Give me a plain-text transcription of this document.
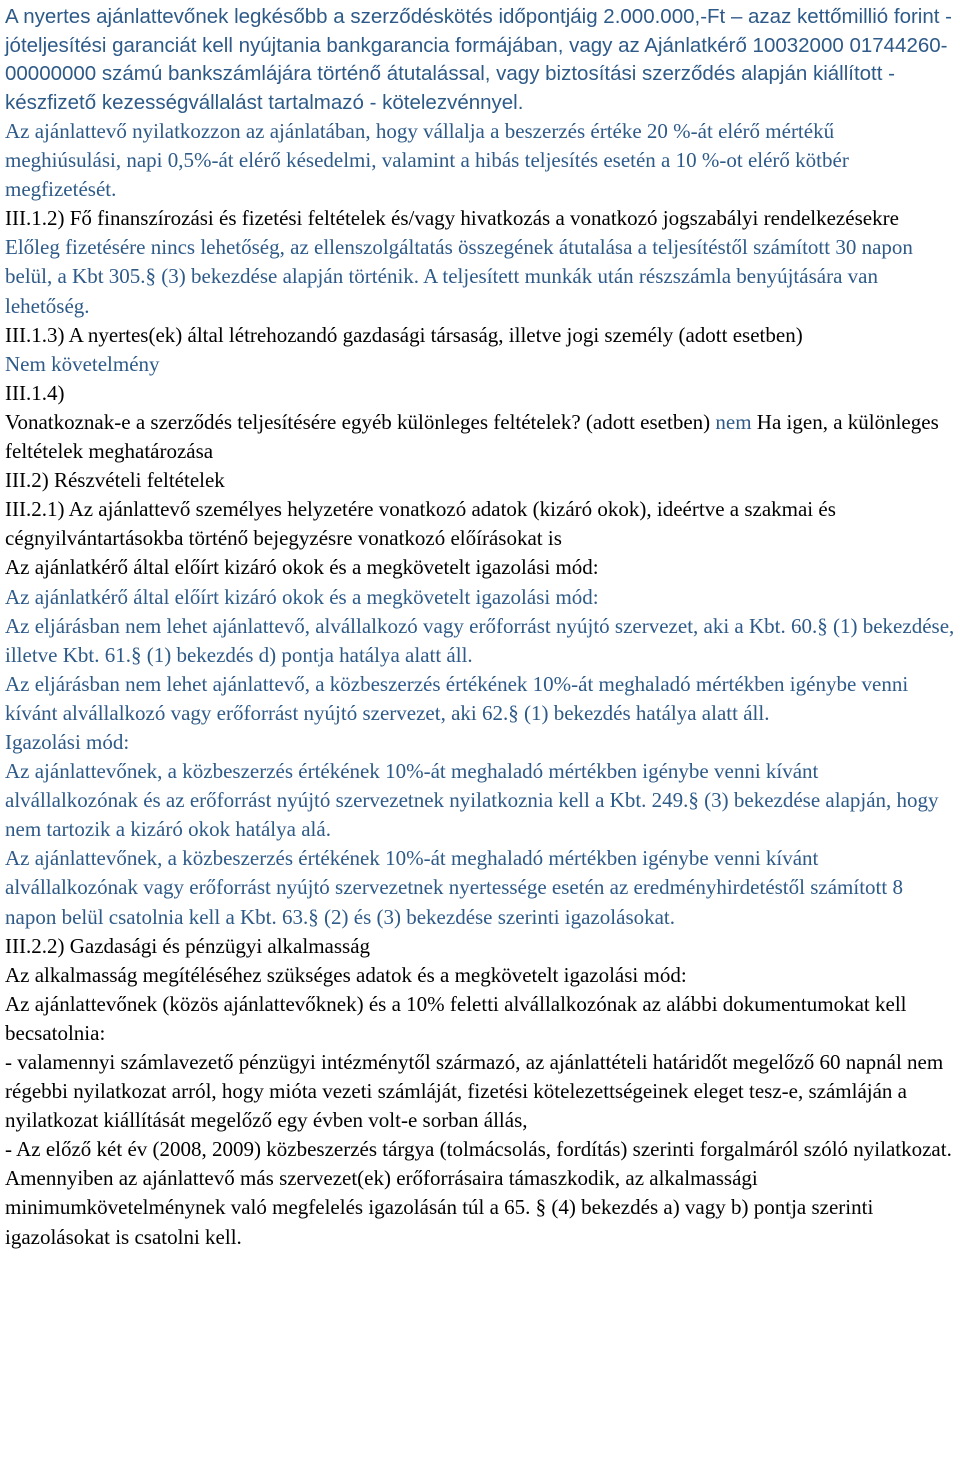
A nyertes ajánlattevőnek legkésőbb a szerződéskötés időpontjáig 2.000.000,-Ft – azaz kettőmillió forint - jóteljesítési garanciát kell nyújtania bankgarancia formájában, vagy az Ajánlatkérő 10032000 01744260-00000000 számú bankszámlájára történő átutalással, vagy biztosítási szerződés alapján kiállított - készfizető kezességvállalást tartalmazó - kötelezvénnyel.

Az ajánlattevő nyilatkozzon az ajánlatában, hogy vállalja a beszerzés értéke 20 %-át elérő mértékű meghiúsulási, napi 0,5%-át elérő késedelmi, valamint a hibás teljesítés esetén a 10 %-ot elérő kötbér megfizetését.

III.1.2) Fő finanszírozási és fizetési feltételek és/vagy hivatkozás a vonatkozó jogszabályi rendelkezésekre

Előleg fizetésére nincs lehetőség, az ellenszolgáltatás összegének átutalása a teljesítéstől számított 30 napon belül, a Kbt 305.§ (3) bekezdése alapján történik. A teljesített munkák után részszámla benyújtására van lehetőség.

III.1.3) A nyertes(ek) által létrehozandó gazdasági társaság, illetve jogi személy (adott esetben)

Nem követelmény

III.1.4)

Vonatkoznak-e a szerződés teljesítésére egyéb különleges feltételek? (adott esetben) nem Ha igen, a különleges feltételek meghatározása

III.2) Részvételi feltételek

III.2.1) Az ajánlattevő személyes helyzetére vonatkozó adatok (kizáró okok), ideértve a szakmai és cégnyilvántartásokba történő bejegyzésre vonatkozó előírásokat is

Az ajánlatkérő által előírt kizáró okok és a megkövetelt igazolási mód:

Az ajánlatkérő által előírt kizáró okok és a megkövetelt igazolási mód:

Az eljárásban nem lehet ajánlattevő, alvállalkozó vagy erőforrást nyújtó szervezet, aki a Kbt. 60.§ (1) bekezdése, illetve Kbt. 61.§ (1) bekezdés d) pontja hatálya alatt áll.

Az eljárásban nem lehet ajánlattevő, a közbeszerzés értékének 10%-át meghaladó mértékben igénybe venni kívánt alvállalkozó vagy erőforrást nyújtó szervezet, aki 62.§ (1) bekezdés hatálya alatt áll.

Igazolási mód:

Az ajánlattevőnek, a közbeszerzés értékének 10%-át meghaladó mértékben igénybe venni kívánt alvállalkozónak és az erőforrást nyújtó szervezetnek nyilatkoznia kell a Kbt. 249.§ (3) bekezdése alapján, hogy nem tartozik a kizáró okok hatálya alá.

Az ajánlattevőnek, a közbeszerzés értékének 10%-át meghaladó mértékben igénybe venni kívánt alvállalkozónak vagy erőforrást nyújtó szervezetnek nyertessége esetén az eredményhirdetéstől számított 8 napon belül csatolnia kell a Kbt. 63.§ (2) és (3) bekezdése szerinti igazolásokat.

III.2.2) Gazdasági és pénzügyi alkalmasság

Az alkalmasság megítéléséhez szükséges adatok és a megkövetelt igazolási mód:

Az ajánlattevőnek (közös ajánlattevőknek) és a 10% feletti alvállalkozónak az alábbi dokumentumokat kell becsatolnia:

- valamennyi számlavezető pénzügyi intézménytől származó, az ajánlattételi határidőt megelőző 60 napnál nem régebbi nyilatkozat arról, hogy mióta vezeti számláját, fizetési kötelezettségeinek eleget tesz-e, számláján a nyilatkozat kiállítását megelőző egy évben volt-e sorban állás,

- Az előző két év (2008, 2009) közbeszerzés tárgya (tolmácsolás, fordítás) szerinti forgalmáról szóló nyilatkozat.

Amennyiben az ajánlattevő más szervezet(ek) erőforrásaira támaszkodik, az alkalmassági minimumkövetelménynek való megfelelés igazolásán túl a 65. § (4) bekezdés a) vagy b) pontja szerinti igazolásokat is csatolni kell.
